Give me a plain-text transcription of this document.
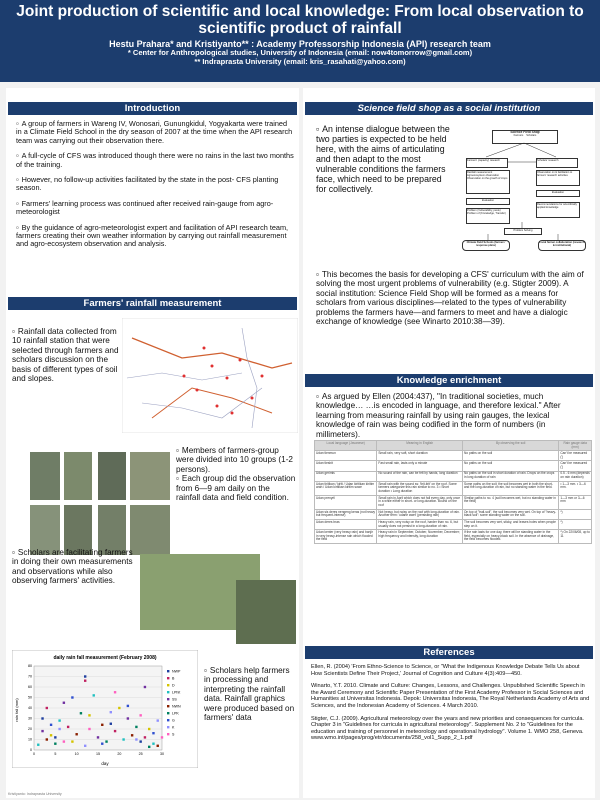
Joint production of scientific and local knowledge: From local observation to scientific product of rainfall
Hestu Prahara* and Kristiyanto** : Academy Professorship Indonesia (API) research team
* Center for Anthropological studies, University of Indonesia (email: now4tomorrow@gmail.com)
** Indraprasta University (email: kris_rasahati@yahoo.com)
Introduction
▫ A group of farmers in Wareng IV, Wonosari, Gunungkidul, Yogyakarta were trained in a Climate Field School in the dry season of 2007 at the time when the API research team was carrying out their observation there.
▫ A full-cycle of CFS was introduced though there were no rains in the last two months of the training.
▫ However, no follow-up activities facilitated by the state in the post- CFS planting season.
▫ Farmers' learning process was continued after received rain-gauge from agro-meteorologist
▫ By the guidance of agro-meteorologist expert and facilitation of API research team, farmers creating their own weather information by carrying out rainfall measurement and agro-ecosystem observation and analysis.
Farmers' rainfall measurement
▫ Rainfall data collected from 10 rainfall station that were selected through farmers and scholars discussion on the basis of different types of soil and slopes.
▫ Members of farmers-group were divided into 10 groups (1-2 persons).
▫ Each group did the observation from 6—9 am daily on the rainfall data and field condition.
▫ Scholars are facilitating farmers in doing their own measurements and observations while also observing farmers' activities.
daily rain fall measurement (February 2008)
day
rain fall (mm)
80
70
60
50
40
30
20
10
0
0	5	10	15	20	25	30
NWP
B
D
LPhit
SS
NWN
LPK
G
K
S
▫ Scholars help farmers in processing and interpreting the rainfall data. Rainfall graphics were produced based on farmers' data
Kristiyanto: Indraprasta University
Science field shop as a social institution
▫ An intense dialogue between the two parties is expected to be held here, with the aims of articulating and then adapt to the most vulnerable conditions the farmers face, which need to be prepared for collectively.
Science Field Shop
Farmers Scholars
Farmers' (capacity) research	Scholars' research
Rainfall measurement
Agroecosystem observation
Observation on the growth of crops
Observation on & facilitation to farmers' research activities
Evaluation
Evaluation
Problem (Vulnerability, pests) Problem of (Knowledge, Transfer)
Recommendations for scientifically applied knowledge
Problem Solving
Climate Field Schools (farmers' response plans)
Local farmer collaboration (research & institutional)
▫ This becomes the basis for developing a CFS' curriculum with the aim of solving the most urgent problems of vulnerability (e.g. Stigter 2009). A social institution: Science Field Shop will be formed as a means for scholars from various disciplines—related to the types of vulnerability problems the farmers have—and farmers to meet and have a dialogic exchange of knowledge (see Winarto 2010:38—39).
Knowledge enrichment
▫ As argued by Ellen (2004:437), "In traditional societies, much knowledge… …is encoded in language, and therefore lexical." After learning from measuring rainfall by using rain gauges, the lexical knowledge of rain was being codified in the form of numbers (in millimeters).
Local language (Javanese)	Meaning in English	By observing the soil	Rain gauge data (mm)
Udan tlenmun	Small rain, very soft, short duration	No paths on the soil	Can't be measured (')
Udan tlesbit	Fast small rain, lasts only a minute	No paths on the soil	Can't be measured (')
Udan gerimis	No sound of the rain, can be felt by hands, long duration	No paths on the soil in short duration of rain. Drops on the crops in long duration of rain	0.5 - 6 mm (depends on rain duration)
Udan tiritikan / kiriti / Udan kiritikan kiritim arah / Udan kiritikan kiritim suwe	Small rain with the sound ss: 'tirit-tirit' on the roof. Some farmers categorize this rain similar to no. 3 • Short duration • Long duration	Some paths on the soil; the soil becomes wet in both the short- and the long-duration of rain, but no standing water in the field.	• 1—3 mm. • 3—6 mm.
Udan prenyril	Small rain in April which does not fall every day, only once in a while either in short- or long-duration. Bound on the roof	Similar paths to no. 4 (soil becomes wet, but no standing water in the field)	1—3 mm or 3—6 mm
Udan sis deres nengeng keras (not heavy but frequent-intense)	Not heavy, but noisy on the roof with long-duration of rain. Another term: 'udane awet' (persisting rain)	On top of "trail-soil", the soil becomes very wet. On top of "heavy-black soil": some standing water on the soil.	*)
Udan deres bras	Heavy rain, very noisy on the roof, harder than no. 6, but usually does not persist in a long-duration of rain.	The soil becomes very wet, sticky, and leaves holes when people step on it.	*)
Udan kenter (very heavy rain) and banjir in very heavy-intense rain which flooded the field	Heavy rain in September, October, November, December; high frequency and intensity, long duration	If the rain lasts for one day, there will be standing water in the field, especially on heavy-black soil. In the absence of drainage, the field becomes flooded.	*) On 22/06/08, up to 11
References
Ellen, R. (2004) 'From Ethno-Science to Science, or "What the Indigenous Knowledge Debate Tells Us about How Scientists Define Their Project,' Journal of Cognition and Culture 4(3):409—450.
Winarto, Y.T. 2010. Climate and Culture: Changes, Lessons, and Challenges. Unpublished Scientific Speech in the Award Ceremony and Scientific Paper Presentation of the First Academy Professor in Social Sciences and Humanities at Universitas Indonesia. Depok: Universitas Indonesia, The Royal Netherlands Academy of Arts and Sciences, and the Indonesian Academy of Sciences. 4 March 2010.
Stigter, C.J. (2009). Agricultural meteorology over the years and new priorities and consequences for curricula. Chapter 3 in "Guidelines for curricula in agricultural meteorology". Supplement No. 2 to "Guidelines for the education and training of personnel in meteorology and operational hydrology". Volume 1. WMO 258, Geneva. www.wmo.int/pages/prog/etr/documents/258_vol1_Supp_2_1.pdf
